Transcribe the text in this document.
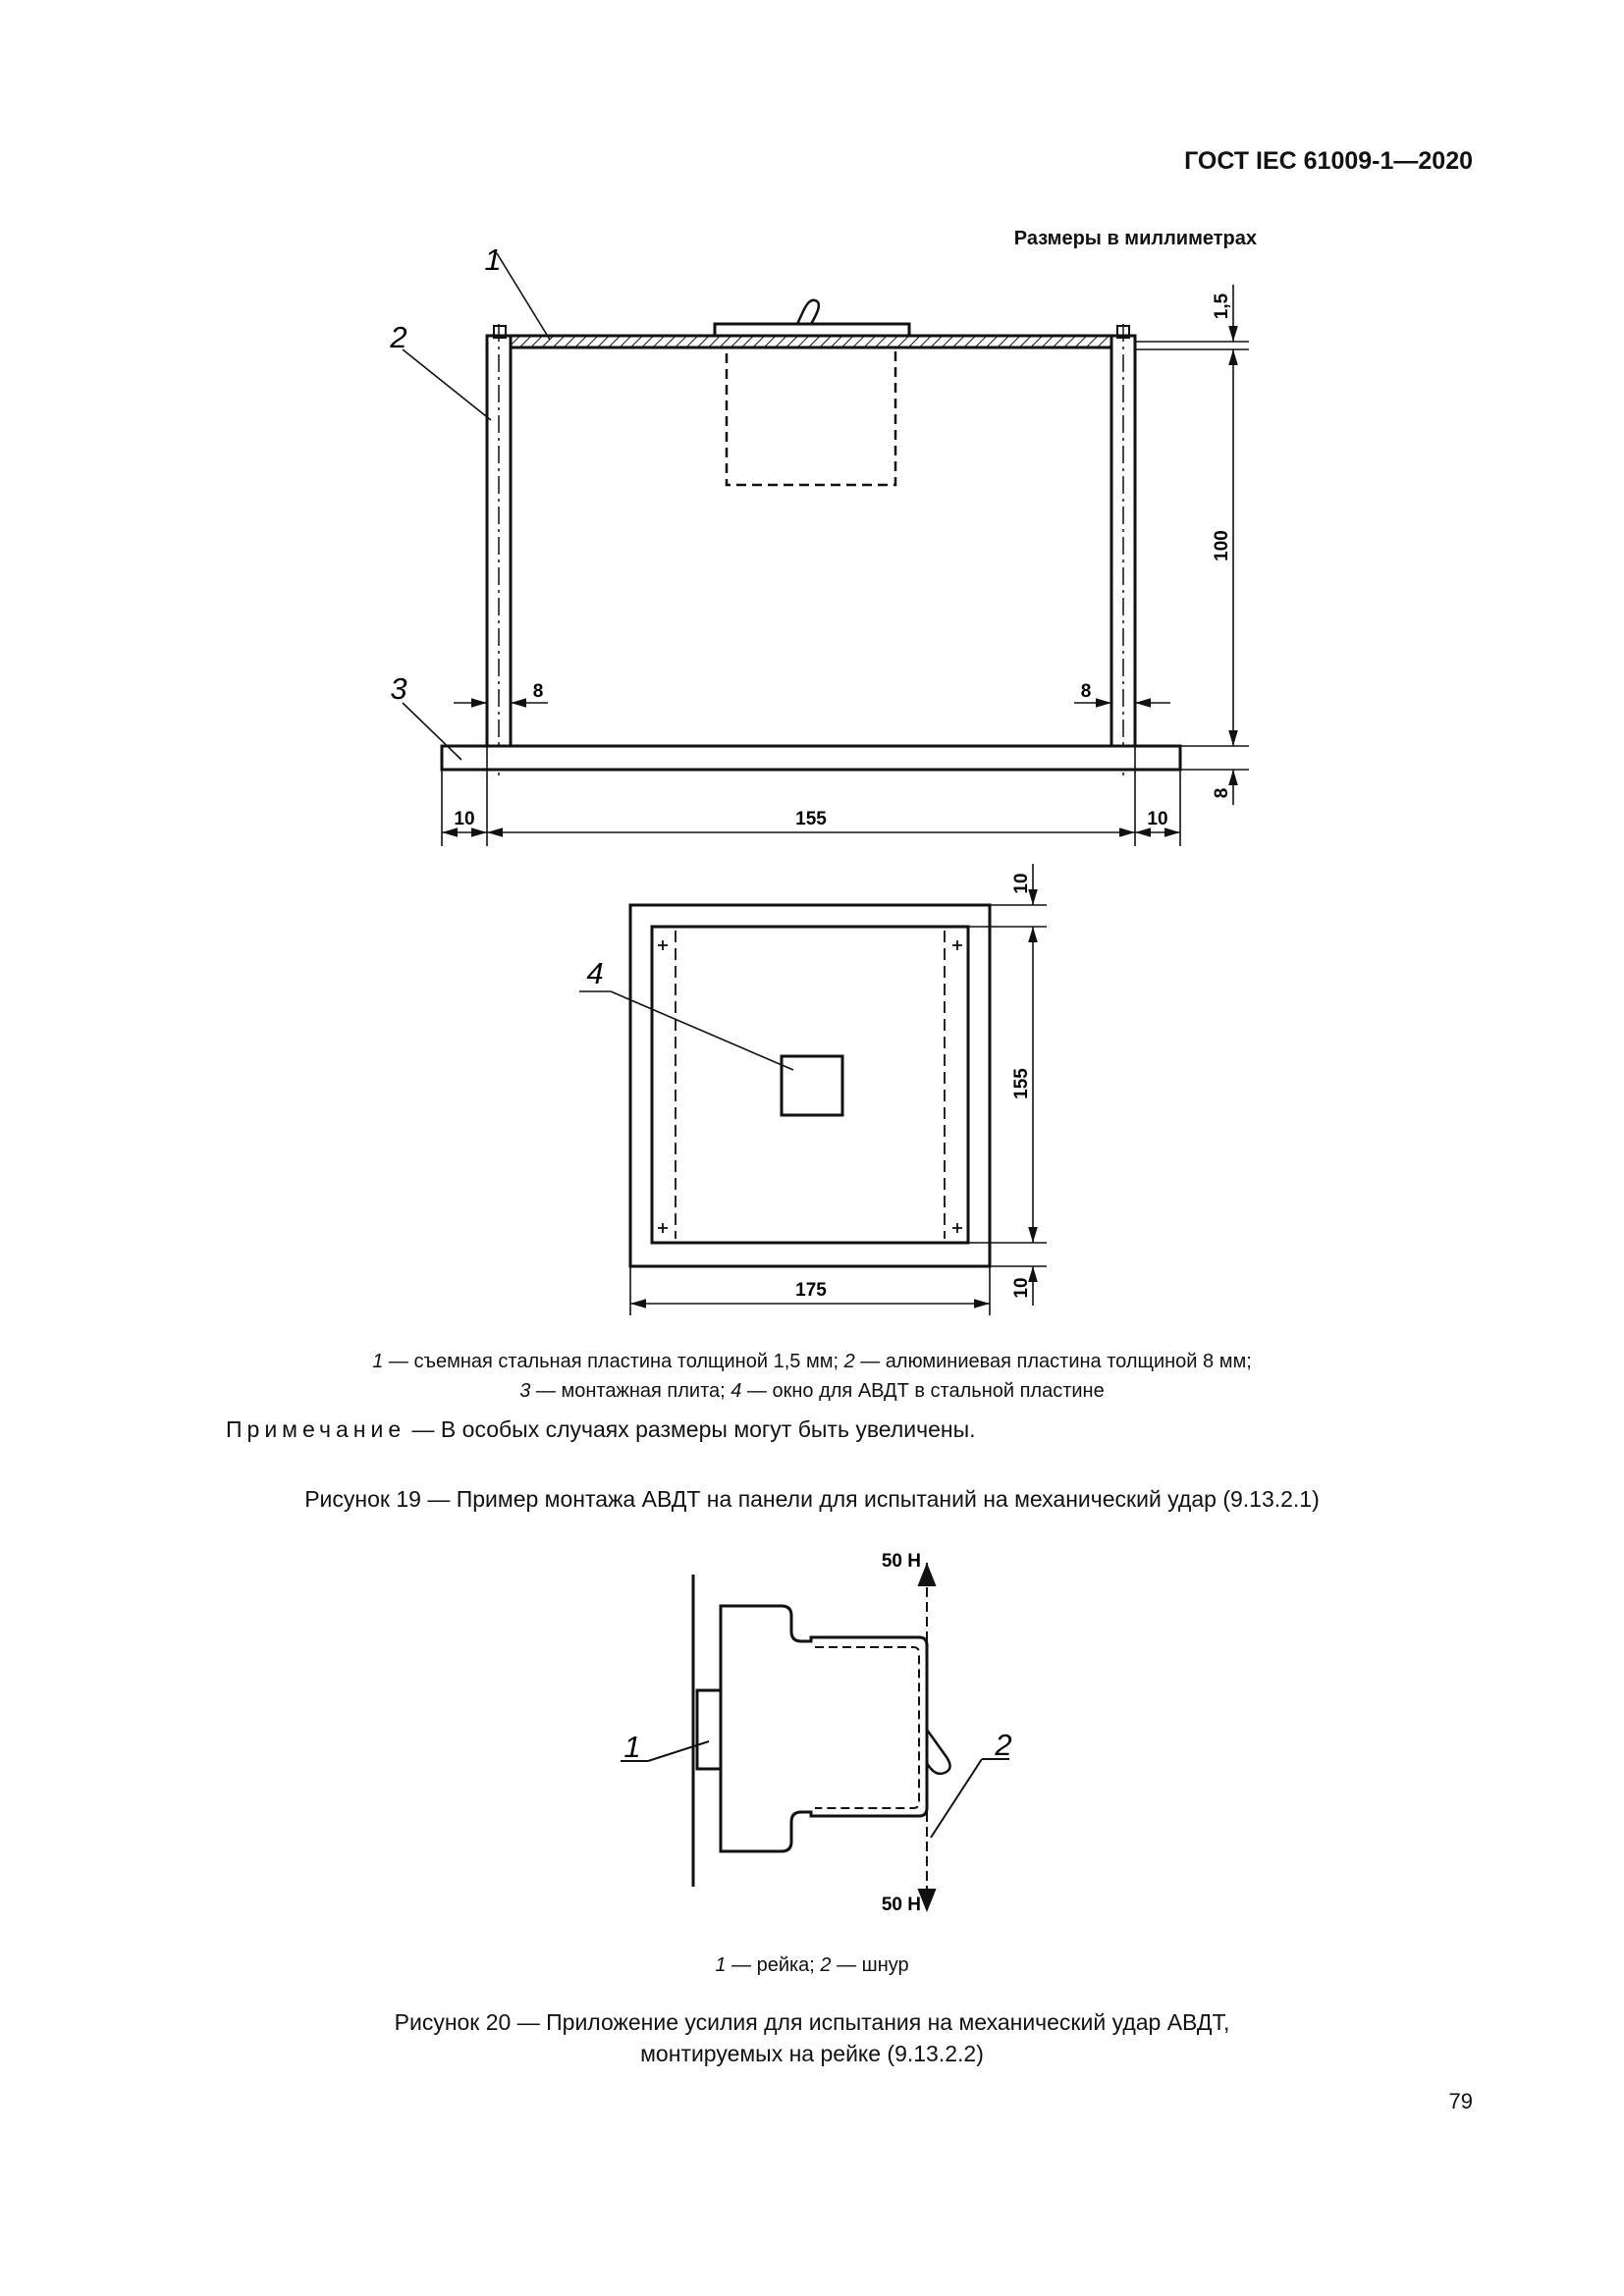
ГОСТ IEC 61009-1—2020
Размеры в миллиметрах
1,5
100
8
8	8
10	155	10
1
2
3
10
155
10
175
4
1 — съемная стальная пластина толщиной 1,5 мм; 2 — алюминиевая пластина толщиной 8 мм;
3 — монтажная плита; 4 — окно для АВДТ в стальной пластине
Примечание — В особых случаях размеры могут быть увеличены.
Рисунок 19 — Пример монтажа АВДТ на панели для испытаний на механический удар (9.13.2.1)
50 Н
50 Н
1	2
1 — рейка; 2 — шнур
Рисунок 20 — Приложение усилия для испытания на механический удар АВДТ,
монтируемых на рейке (9.13.2.2)
79
